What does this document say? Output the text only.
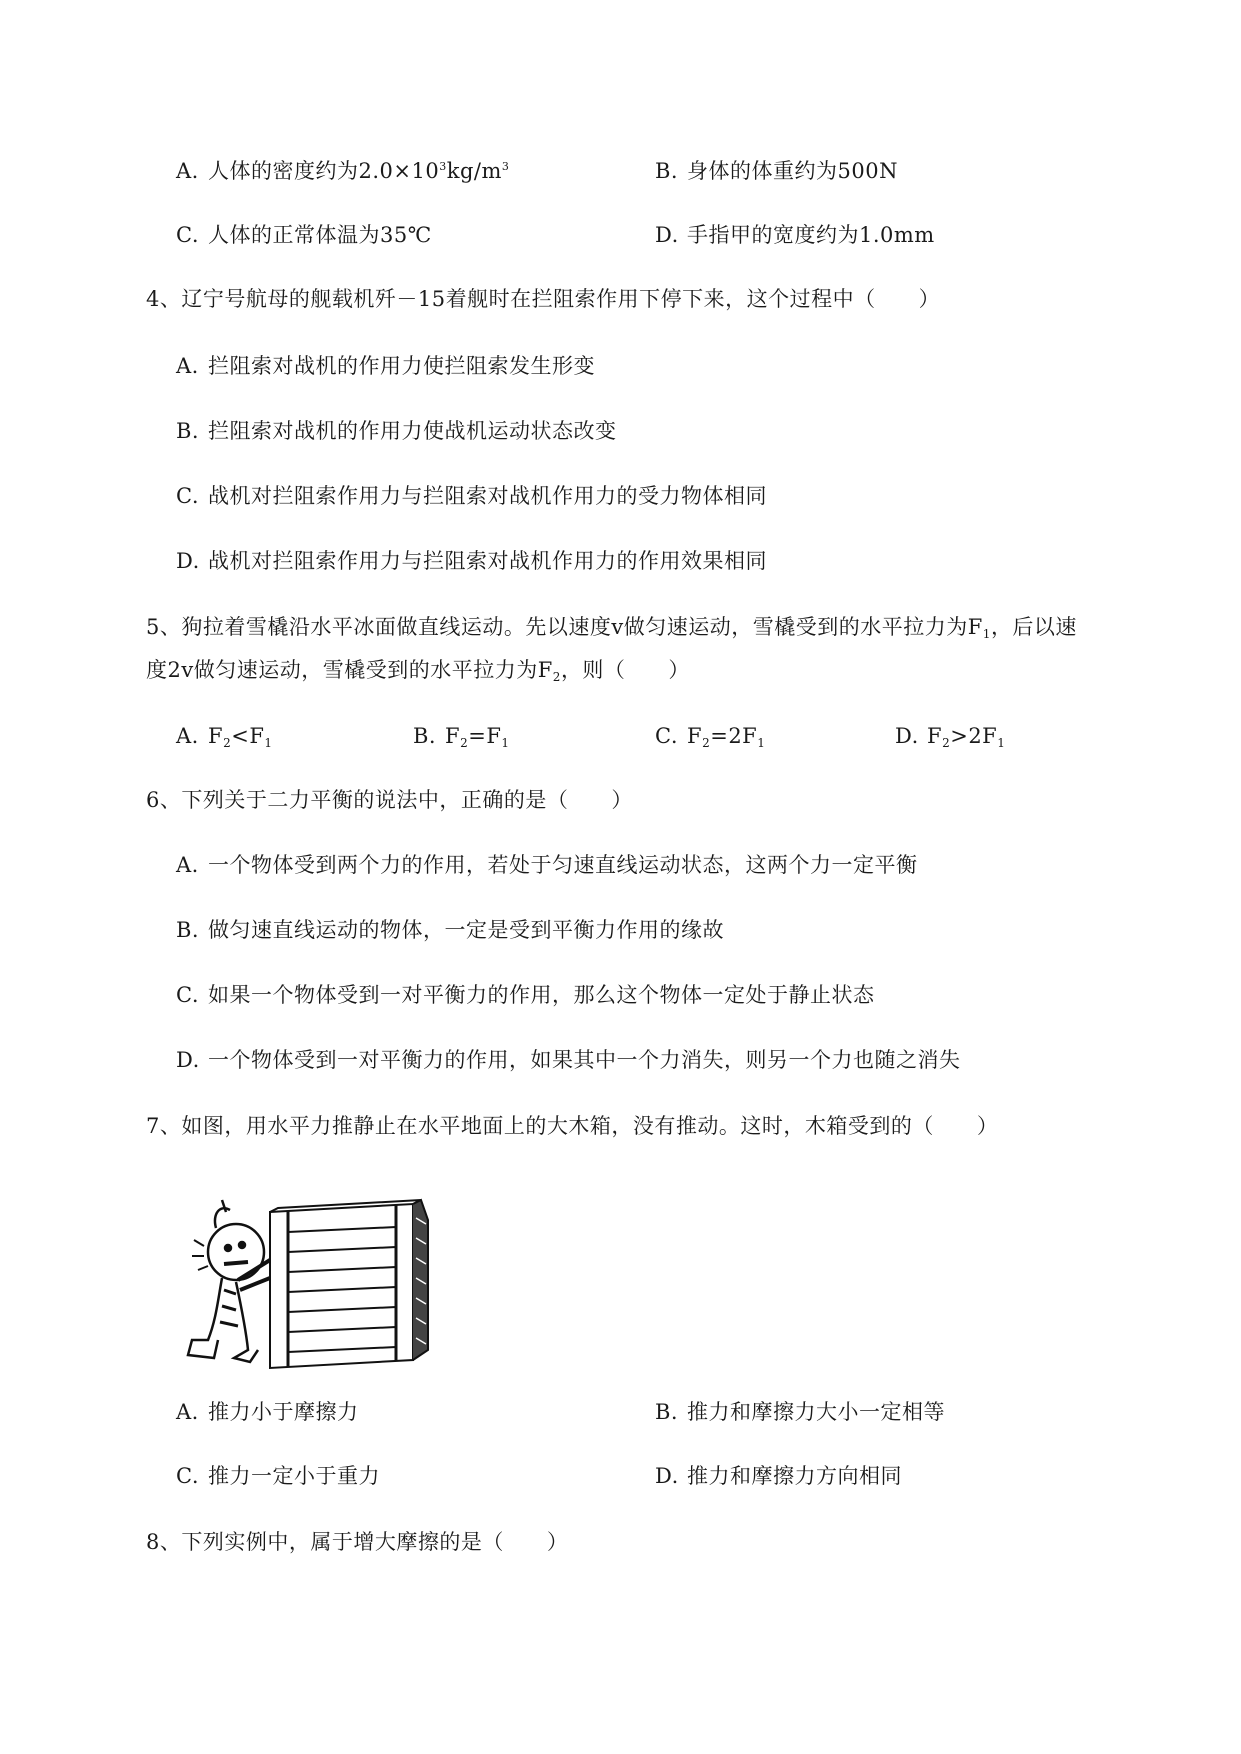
A. 人体的密度约为$2.0\times 10^3kg/m^3$	B. 身体的体重约为500N
C. 人体的正常体温为35℃	D. 手指甲的宽度约为1.0mm
4、辽宁号航母的舰载机歼－15着舰时在拦阻索作用下停下来，这个过程中（　　）
A. 拦阻索对战机的作用力使拦阻索发生形变
B. 拦阻索对战机的作用力使战机运动状态改变
C. 战机对拦阻索作用力与拦阻索对战机作用力的受力物体相同
D. 战机对拦阻索作用力与拦阻索对战机作用力的作用效果相同
5、狗拉着雪橇沿水平冰面做直线运动。先以速度v做匀速运动，雪橇受到的水平拉力为$F_1$，后以速
度2v做匀速运动，雪橇受到的水平拉力为$F_2$，则（　　）
A. $F_2<F_1$	B. $F_2=F_1$	C. $F_2=2F_1$	D. $F_2>2F_1$
6、下列关于二力平衡的说法中，正确的是（　　）
A. 一个物体受到两个力的作用，若处于匀速直线运动状态，这两个力一定平衡
B. 做匀速直线运动的物体，一定是受到平衡力作用的缘故
C. 如果一个物体受到一对平衡力的作用，那么这个物体一定处于静止状态
D. 一个物体受到一对平衡力的作用，如果其中一个力消失，则另一个力也随之消失
7、如图，用水平力推静止在水平地面上的大木箱，没有推动。这时，木箱受到的（　　）
A. 推力小于摩擦力	B. 推力和摩擦力大小一定相等
C. 推力一定小于重力	D. 推力和摩擦力方向相同
8、下列实例中，属于增大摩擦的是（　　）
